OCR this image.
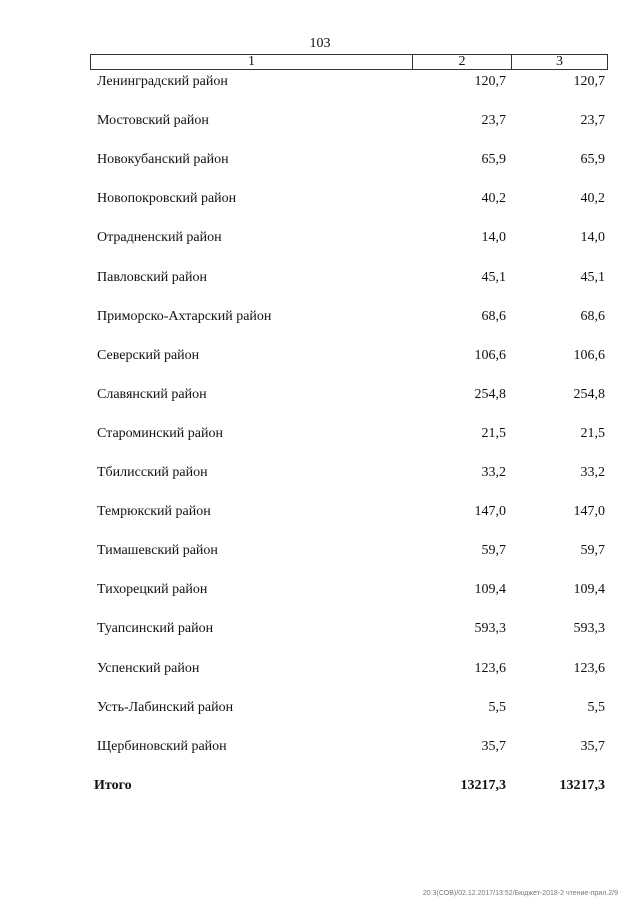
103
1	2	3
Ленинградский район	120,7	120,7
Мостовский район	23,7	23,7
Новокубанский район	65,9	65,9
Новопокровский район	40,2	40,2
Отрадненский район	14,0	14,0
Павловский район	45,1	45,1
Приморско-Ахтарский район	68,6	68,6
Северский район	106,6	106,6
Славянский район	254,8	254,8
Староминский район	21,5	21,5
Тбилисский район	33,2	33,2
Темрюкский район	147,0	147,0
Тимашевский район	59,7	59,7
Тихорецкий район	109,4	109,4
Туапсинский район	593,3	593,3
Успенский район	123,6	123,6
Усть-Лабинский район	5,5	5,5
Щербиновский район	35,7	35,7
Итого	13217,3	13217,3
20 3(СОВ)/02.12.2017/13:52/Бюджет-2018-2 чтение-прил.2/9
